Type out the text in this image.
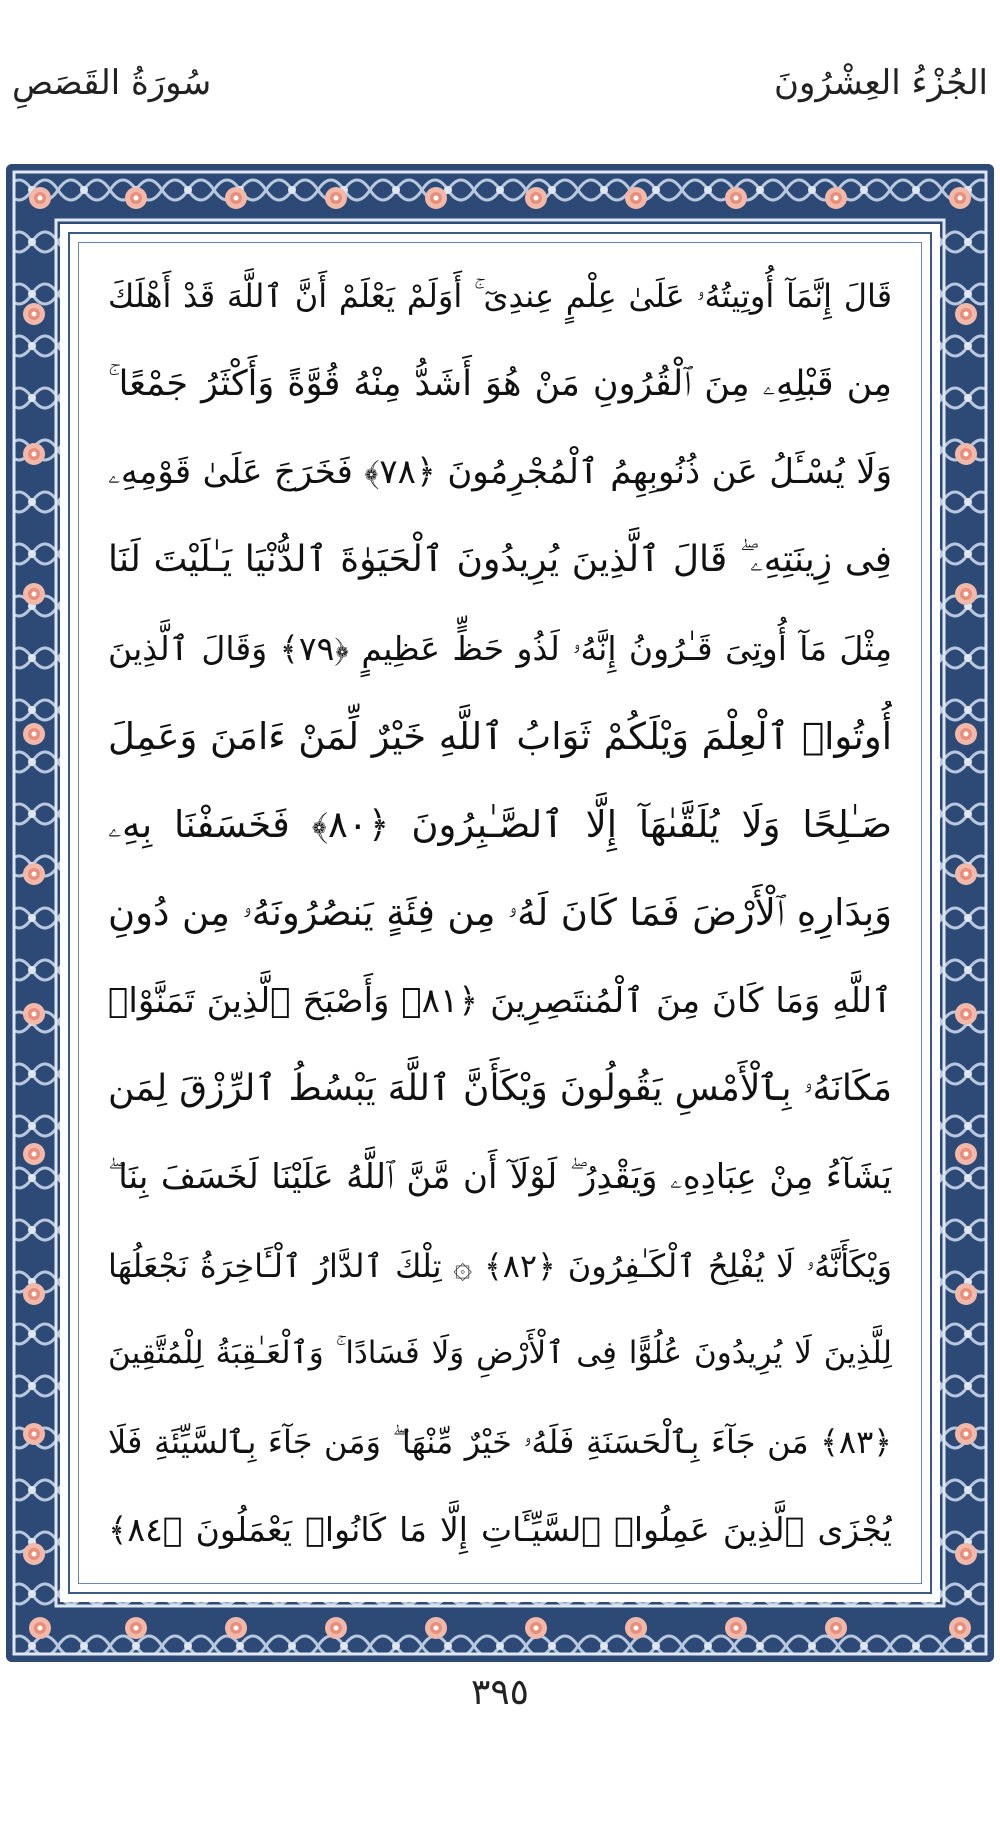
الجُزْءُ العِشْرُونَ
سُورَةُ القَصَصِ
قَالَ إِنَّمَآ أُوتِيتُهُۥ عَلَىٰ عِلْمٍ عِندِىٓ ۚ أَوَلَمْ يَعْلَمْ أَنَّ ٱللَّهَ قَدْ أَهْلَكَ
مِن قَبْلِهِۦ مِنَ ٱلْقُرُونِ مَنْ هُوَ أَشَدُّ مِنْهُ قُوَّةً وَأَكْثَرُ جَمْعًا ۚ
وَلَا يُسْـَٔلُ عَن ذُنُوبِهِمُ ٱلْمُجْرِمُونَ ﴿٧٨﴾ فَخَرَجَ عَلَىٰ قَوْمِهِۦ
فِى زِينَتِهِۦ ۖ قَالَ ٱلَّذِينَ يُرِيدُونَ ٱلْحَيَوٰةَ ٱلدُّنْيَا يَـٰلَيْتَ لَنَا
مِثْلَ مَآ أُوتِىَ قَـٰرُونُ إِنَّهُۥ لَذُو حَظٍّ عَظِيمٍ ﴿٧٩﴾ وَقَالَ ٱلَّذِينَ
أُوتُوا۟ ٱلْعِلْمَ وَيْلَكُمْ ثَوَابُ ٱللَّهِ خَيْرٌ لِّمَنْ ءَامَنَ وَعَمِلَ
صَـٰلِحًا وَلَا يُلَقَّىٰهَآ إِلَّا ٱلصَّـٰبِرُونَ ﴿٨٠﴾ فَخَسَفْنَا بِهِۦ
وَبِدَارِهِ ٱلْأَرْضَ فَمَا كَانَ لَهُۥ مِن فِئَةٍ يَنصُرُونَهُۥ مِن دُونِ
ٱللَّهِ وَمَا كَانَ مِنَ ٱلْمُنتَصِرِينَ ﴿٨١﴾ وَأَصْبَحَ ٱلَّذِينَ تَمَنَّوْا۟
مَكَانَهُۥ بِٱلْأَمْسِ يَقُولُونَ وَيْكَأَنَّ ٱللَّهَ يَبْسُطُ ٱلرِّزْقَ لِمَن
يَشَآءُ مِنْ عِبَادِهِۦ وَيَقْدِرُ ۖ لَوْلَآ أَن مَّنَّ ٱللَّهُ عَلَيْنَا لَخَسَفَ بِنَا ۖ
وَيْكَأَنَّهُۥ لَا يُفْلِحُ ٱلْكَـٰفِرُونَ ﴿٨٢﴾ ۞ تِلْكَ ٱلدَّارُ ٱلْـَٔاخِرَةُ نَجْعَلُهَا
لِلَّذِينَ لَا يُرِيدُونَ عُلُوًّا فِى ٱلْأَرْضِ وَلَا فَسَادًا ۚ وَٱلْعَـٰقِبَةُ لِلْمُتَّقِينَ
﴿٨٣﴾ مَن جَآءَ بِٱلْحَسَنَةِ فَلَهُۥ خَيْرٌ مِّنْهَا ۖ وَمَن جَآءَ بِٱلسَّيِّئَةِ فَلَا
يُجْزَى ٱلَّذِينَ عَمِلُوا۟ ٱلسَّيِّـَٔاتِ إِلَّا مَا كَانُوا۟ يَعْمَلُونَ ﴿٨٤﴾
٣٩٥
